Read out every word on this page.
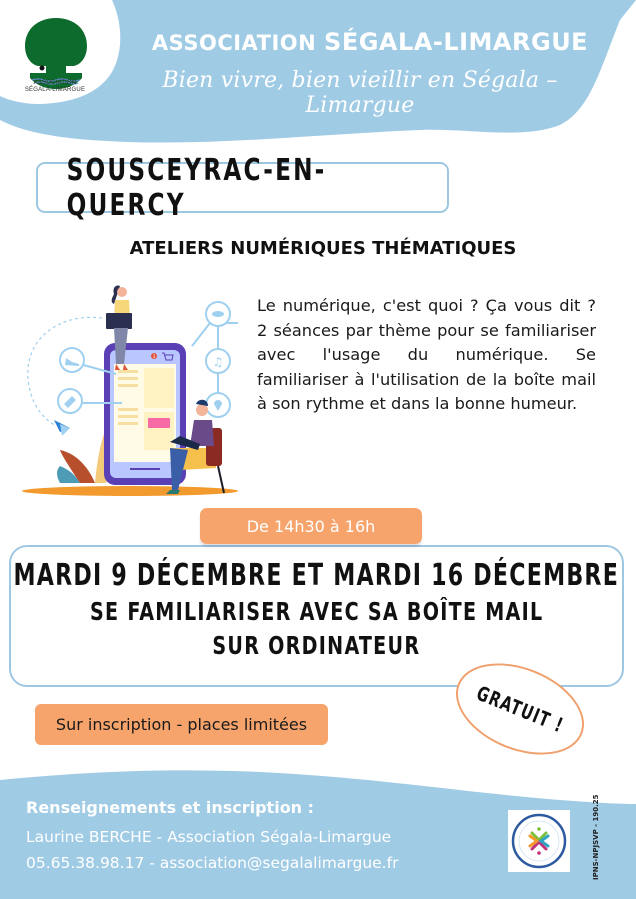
ASSOCIATION
SÉGALA-LIMARGUE
ASSOCIATION SÉGALA-LIMARGUE
Bien vivre, bien vieillir en Ségala – Limargue
SOUSCEYRAC-EN-QUERCY
ATELIERS NUMÉRIQUES THÉMATIQUES
3	♫
Le numérique, c'est quoi ? Ça vous dit ? 2 séances par thème pour se familiariser avec l'usage du numérique. Se familiariser à l'utilisation de la boîte mail à son rythme et dans la bonne humeur.
De 14h30 à 16h
MARDI 9 DÉCEMBRE ET MARDI 16 DÉCEMBRE
SE FAMILIARISER AVEC SA BOÎTE MAIL
SUR ORDINATEUR
GRATUIT !
Sur inscription - places limitées
Renseignements et inscription :
Laurine BERCHE - Association Ségala-Limargue
05.65.38.98.17 - association@segalalimargue.fr	IPNS-NPJSVP - 190.25
